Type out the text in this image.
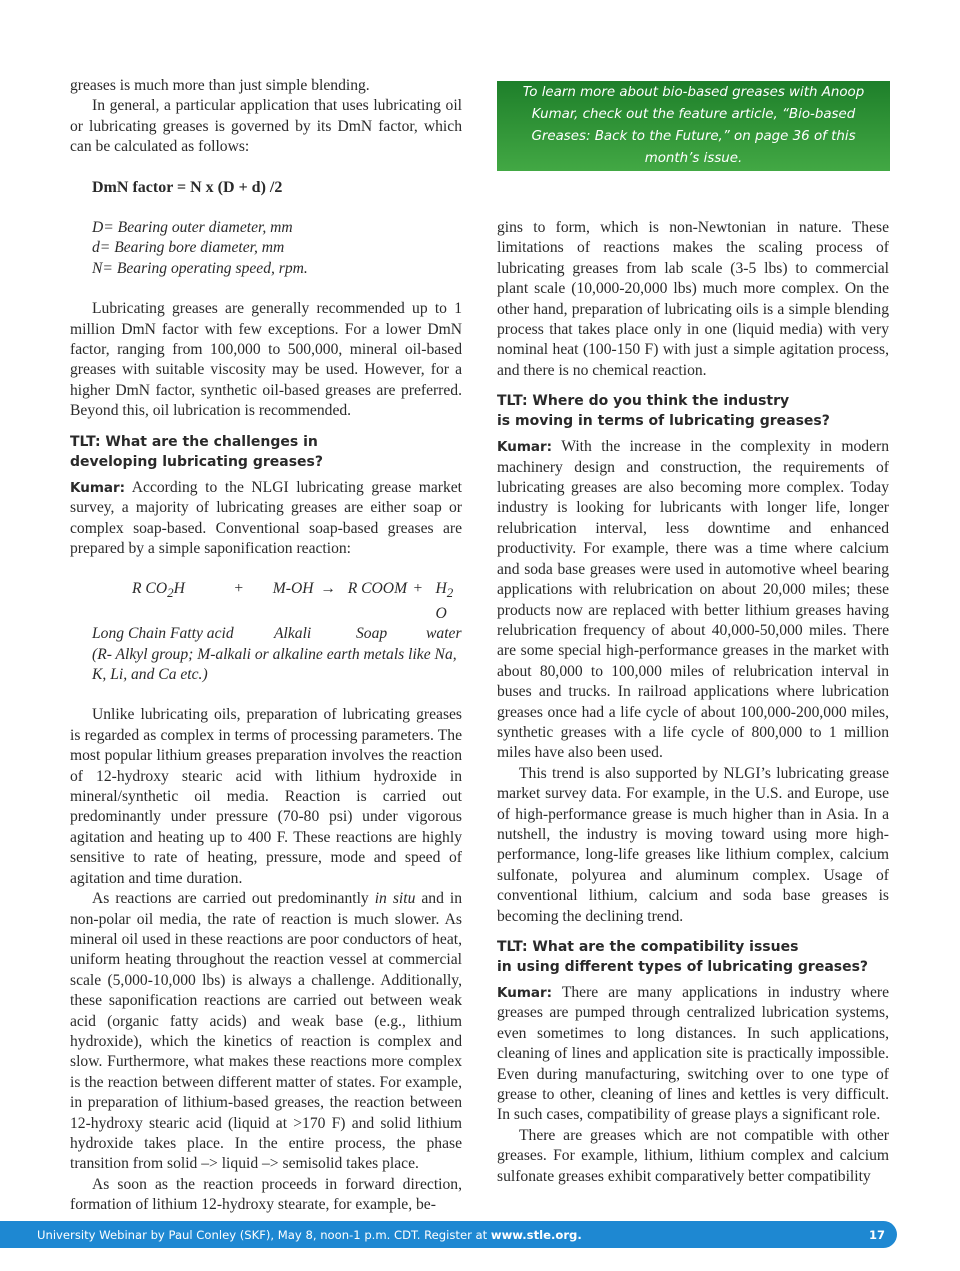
To learn more about bio-based greases with Anoop Kumar, check out the feature article, “Bio-based Greases: Back to the Future,” on page 36 of this month’s issue.

greases is much more than just simple blending.

In general, a particular application that uses lubricating oil or lubricating greases is governed by its DmN factor, which can be calculated as follows:

DmN factor = N x (D + d) /2

D= Bearing outer diameter, mm

d= Bearing bore diameter, mm

N= Bearing operating speed, rpm.

Lubricating greases are generally recommended up to 1 million DmN factor with few exceptions. For a lower DmN factor, ranging from 100,000 to 500,000, mineral oil-based greases with suitable viscosity may be used. However, for a higher DmN factor, synthetic oil-based greases are preferred. Beyond this, oil lubrication is recommended.

TLT: What are the challenges in
developing lubricating greases?

Kumar: According to the NLGI lubricating grease market survey, a majority of lubricating greases are either soap or complex soap-based. Conventional soap-based greases are prepared by a simple saponification reaction:

R $CO_2H$	+	M-OH → R COOM + $H_2O$
Long Chain Fatty acid	Alkali	Soap	water

(R- Alkyl group; M-alkali or alkaline earth metals like Na, K, Li, and Ca etc.)

Unlike lubricating oils, preparation of lubricating greases is regarded as complex in terms of processing parameters. The most popular lithium greases preparation involves the reaction of 12-hydroxy stearic acid with lithium hydroxide in mineral/synthetic oil media. Reaction is carried out predominantly under pressure (70-80 psi) under vigorous agitation and heating up to 400 F. These reactions are highly sensitive to rate of heating, pressure, mode and speed of agitation and time duration.

As reactions are carried out predominantly in situ and in non-polar oil media, the rate of reaction is much slower. As mineral oil used in these reactions are poor conductors of heat, uniform heating throughout the reaction vessel at commercial scale (5,000-10,000 lbs) is always a challenge. Additionally, these saponification reactions are carried out between weak acid (organic fatty acids) and weak base (e.g., lithium hydroxide), which the kinetics of reaction is complex and slow. Furthermore, what makes these reactions more complex is the reaction between different matter of states. For example, in preparation of lithium-based greases, the reaction between 12-hydroxy stearic acid (liquid at >170 F) and solid lithium hydroxide takes place. In the entire process, the phase transition from solid –> liquid –> semisolid takes place.

As soon as the reaction proceeds in forward direction, formation of lithium 12-hydroxy stearate, for example, be-

gins to form, which is non-Newtonian in nature. These limitations of reactions makes the scaling process of lubricating greases from lab scale (3-5 lbs) to commercial plant scale (10,000-20,000 lbs) much more complex. On the other hand, preparation of lubricating oils is a simple blending process that takes place only in one (liquid media) with very nominal heat (100-150 F) with just a simple agitation process, and there is no chemical reaction.

TLT: Where do you think the industry
is moving in terms of lubricating greases?

Kumar: With the increase in the complexity in modern machinery design and construction, the requirements of lubricating greases are also becoming more complex. Today industry is looking for lubricants with longer life, longer relubrication interval, less downtime and enhanced productivity. For example, there was a time where calcium and soda base greases were used in automotive wheel bearing applications with relubrication on about 20,000 miles; these products now are replaced with better lithium greases having relubrication frequency of about 40,000-50,000 miles. There are some special high-performance greases in the market with about 80,000 to 100,000 miles of relubrication interval in buses and trucks. In railroad applications where lubrication greases once had a life cycle of about 100,000-200,000 miles, synthetic greases with a life cycle of 800,000 to 1 million miles have also been used.

This trend is also supported by NLGI’s lubricating grease market survey data. For example, in the U.S. and Europe, use of high-performance grease is much higher than in Asia. In a nutshell, the industry is moving toward using more high-performance, long-life greases like lithium complex, calcium sulfonate, polyurea and aluminum complex. Usage of conventional lithium, calcium and soda base greases is becoming the declining trend.

TLT: What are the compatibility issues
in using different types of lubricating greases?

Kumar: There are many applications in industry where greases are pumped through centralized lubrication systems, even sometimes to long distances. In such applications, cleaning of lines and application site is practically impossible. Even during manufacturing, switching over to one type of grease to other, cleaning of lines and kettles is very difficult. In such cases, compatibility of grease plays a significant role.

There are greases which are not compatible with other greases. For example, lithium, lithium complex and calcium sulfonate greases exhibit comparatively better compatibility

University Webinar by Paul Conley (SKF), May 8, noon-1 p.m. CDT. Register at www.stle.org.	17
